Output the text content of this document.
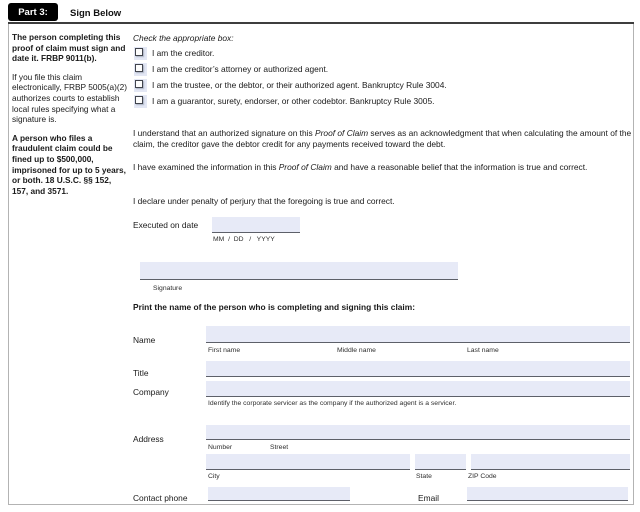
Part 3:	Sign Below

The person completing this proof of claim must sign and date it. FRBP 9011(b).

If you file this claim electronically, FRBP 5005(a)(2) authorizes courts to establish local rules specifying what a signature is.

A person who files a fraudulent claim could be fined up to $500,000, imprisoned for up to 5 years, or both. 18 U.S.C. §§ 152, 157, and 3571.

Check the appropriate box:
I am the creditor.
I am the creditor’s attorney or authorized agent.
I am the trustee, or the debtor, or their authorized agent. Bankruptcy Rule 3004.
I am a guarantor, surety, endorser, or other codebtor. Bankruptcy Rule 3005.

I understand that an authorized signature on this Proof of Claim serves as an acknowledgment that when calculating the amount of the claim, the creditor gave the debtor credit for any payments received toward the debt.

I have examined the information in this Proof of Claim and have a reasonable belief that the information is true and correct.

I declare under penalty of perjury that the foregoing is true and correct.

Executed on date
MM  /  DD   /   YYYY
Signature
Print the name of the person who is completing and signing this claim:
Name
First name	Middle name	Last name
Title
Company
Identify the corporate servicer as the company if the authorized agent is a servicer.
Address
Number	Street
City	State	ZIP Code
Contact phone	Email
